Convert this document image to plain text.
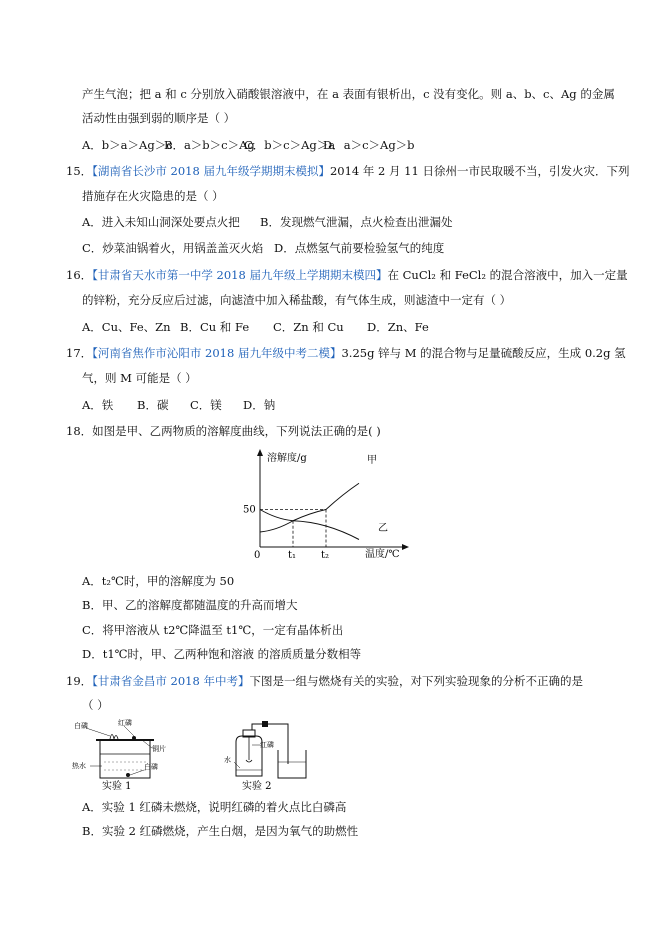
产生气泡；把 a 和 c 分别放入硝酸银溶液中，在 a 表面有银析出，c 没有变化。则 a、b、c、Ag 的金属
活动性由强到弱的顺序是（ ）
A．b＞a＞Ag＞c
B．a＞b＞c＞Ag
C．b＞c＞Ag＞a
D．a＞c＞Ag＞b
15．【湖南省长沙市 2018 届九年级学期期末模拟】2014 年 2 月 11 日徐州一市民取暖不当，引发火灾．下列
措施存在火灾隐患的是（ ）
A．进入未知山洞深处要点火把 B．发现燃气泄漏，点火检查出泄漏处
C．炒菜油锅着火，用锅盖盖灭火焰 D．点燃氢气前要检验氢气的纯度
16．【甘肃省天水市第一中学 2018 届九年级上学期期末模四】在 CuCl₂ 和 FeCl₂ 的混合溶液中，加入一定量
的锌粉，充分反应后过滤，向滤渣中加入稀盐酸，有气体生成，则滤渣中一定有（ ）
A．Cu、Fe、Zn B．Cu 和 Fe C．Zn 和 Cu D．Zn、Fe
17．【河南省焦作市沁阳市 2018 届九年级中考二模】3.25g 锌与 M 的混合物与足量硫酸反应，生成 0.2g 氢
气，则 M 可能是（ ）
A．铁 B．碳 C．镁 D．钠
18．如图是甲、乙两物质的溶解度曲线，下列说法正确的是( )
溶解度/g
温度/℃
0	t₁ t₂
50
甲
乙
A．t₂℃时，甲的溶解度为 50
B．甲、乙的溶解度都随温度的升高而增大
C．将甲溶液从 t2℃降温至 t1℃，一定有晶体析出
D．t1℃时，甲、乙两种饱和溶液 的溶质质量分数相等
19．【甘肃省金昌市 2018 年中考】下图是一组与燃烧有关的实验，对下列实验现象的分析不正确的是
（ ）
白磷	红磷
铜片
热水	白磷
实验 1
红磷
水
实验 2
A．实验 1 红磷未燃烧，说明红磷的着火点比白磷高
B．实验 2 红磷燃烧，产生白烟，是因为氧气的助燃性
